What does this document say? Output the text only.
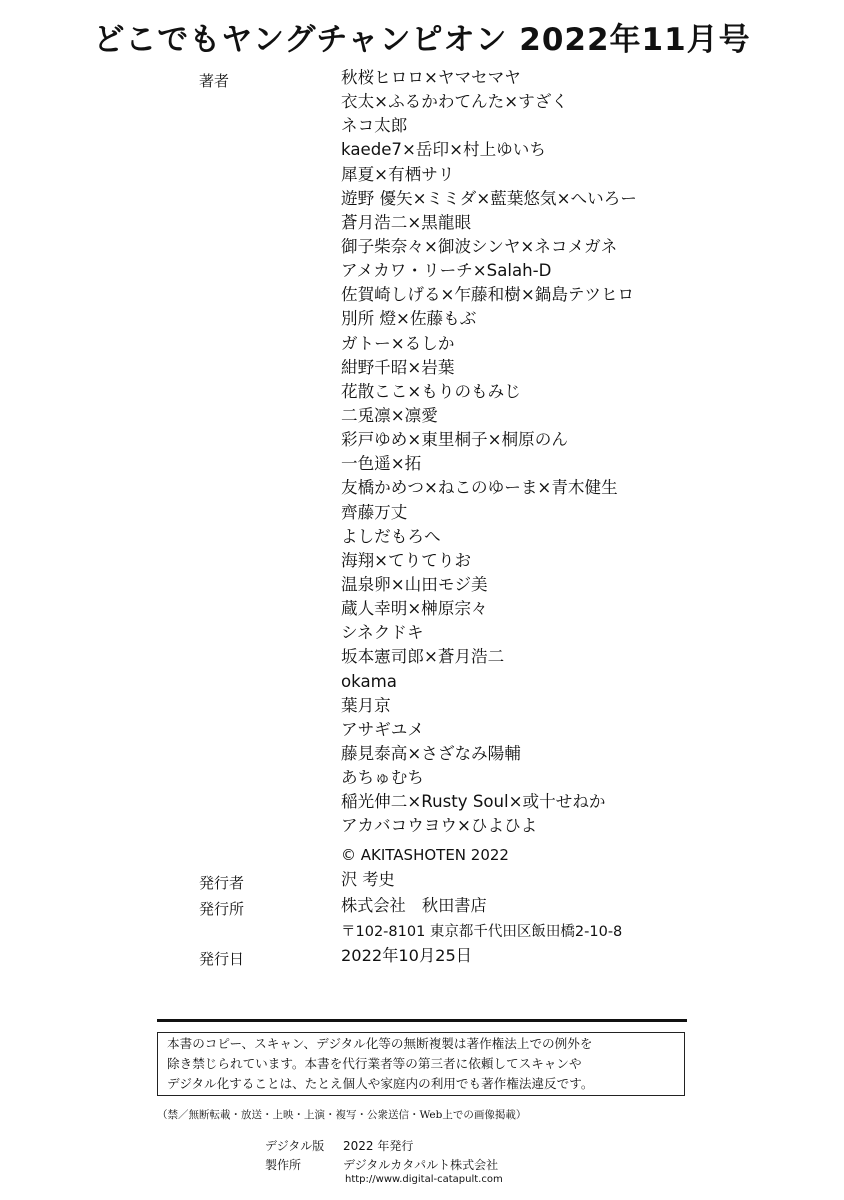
どこでもヤングチャンピオン 2022年11月号
著者	秋桜ヒロロ×ヤマセマヤ
衣太×ふるかわてんた×すざく
ネコ太郎
kaede7×岳印×村上ゆいち
犀夏×有栖サリ
遊野 優矢×ミミダ×藍葉悠気×へいろー
蒼月浩二×黒龍眼
御子柴奈々×御波シンヤ×ネコメガネ
アメカワ・リーチ×Salah-D
佐賀崎しげる×乍藤和樹×鍋島テツヒロ
別所 燈×佐藤もぶ
ガトー×るしか
紺野千昭×岩葉
花散ここ×もりのもみじ
二兎凛×凛愛
彩戸ゆめ×東里桐子×桐原のん
一色遥×拓
友橋かめつ×ねこのゆーま×青木健生
齊藤万丈
よしだもろへ
海翔×てりてりお
温泉卵×山田モジ美
蔵人幸明×榊原宗々
シネクドキ
坂本憲司郎×蒼月浩二
okama
葉月京
アサギユメ
藤見泰高×さざなみ陽輔
あちゅむち
稲光伸二×Rusty Soul×或十せねか
アカバコウヨウ×ひよひよ
© AKITASHOTEN 2022
発行者	沢 考史
発行所	株式会社　秋田書店
〒102-8101 東京都千代田区飯田橋2-10-8
発行日	2022年10月25日
本書のコピー、スキャン、デジタル化等の無断複製は著作権法上での例外を
除き禁じられています。本書を代行業者等の第三者に依頼してスキャンや
デジタル化することは、たとえ個人や家庭内の利用でも著作権法違反です。
（禁／無断転載・放送・上映・上演・複写・公衆送信・Web上での画像掲載）
デジタル版 2022 年発行
製作所	デジタルカタパルト株式会社
http://www.digital-catapult.com
